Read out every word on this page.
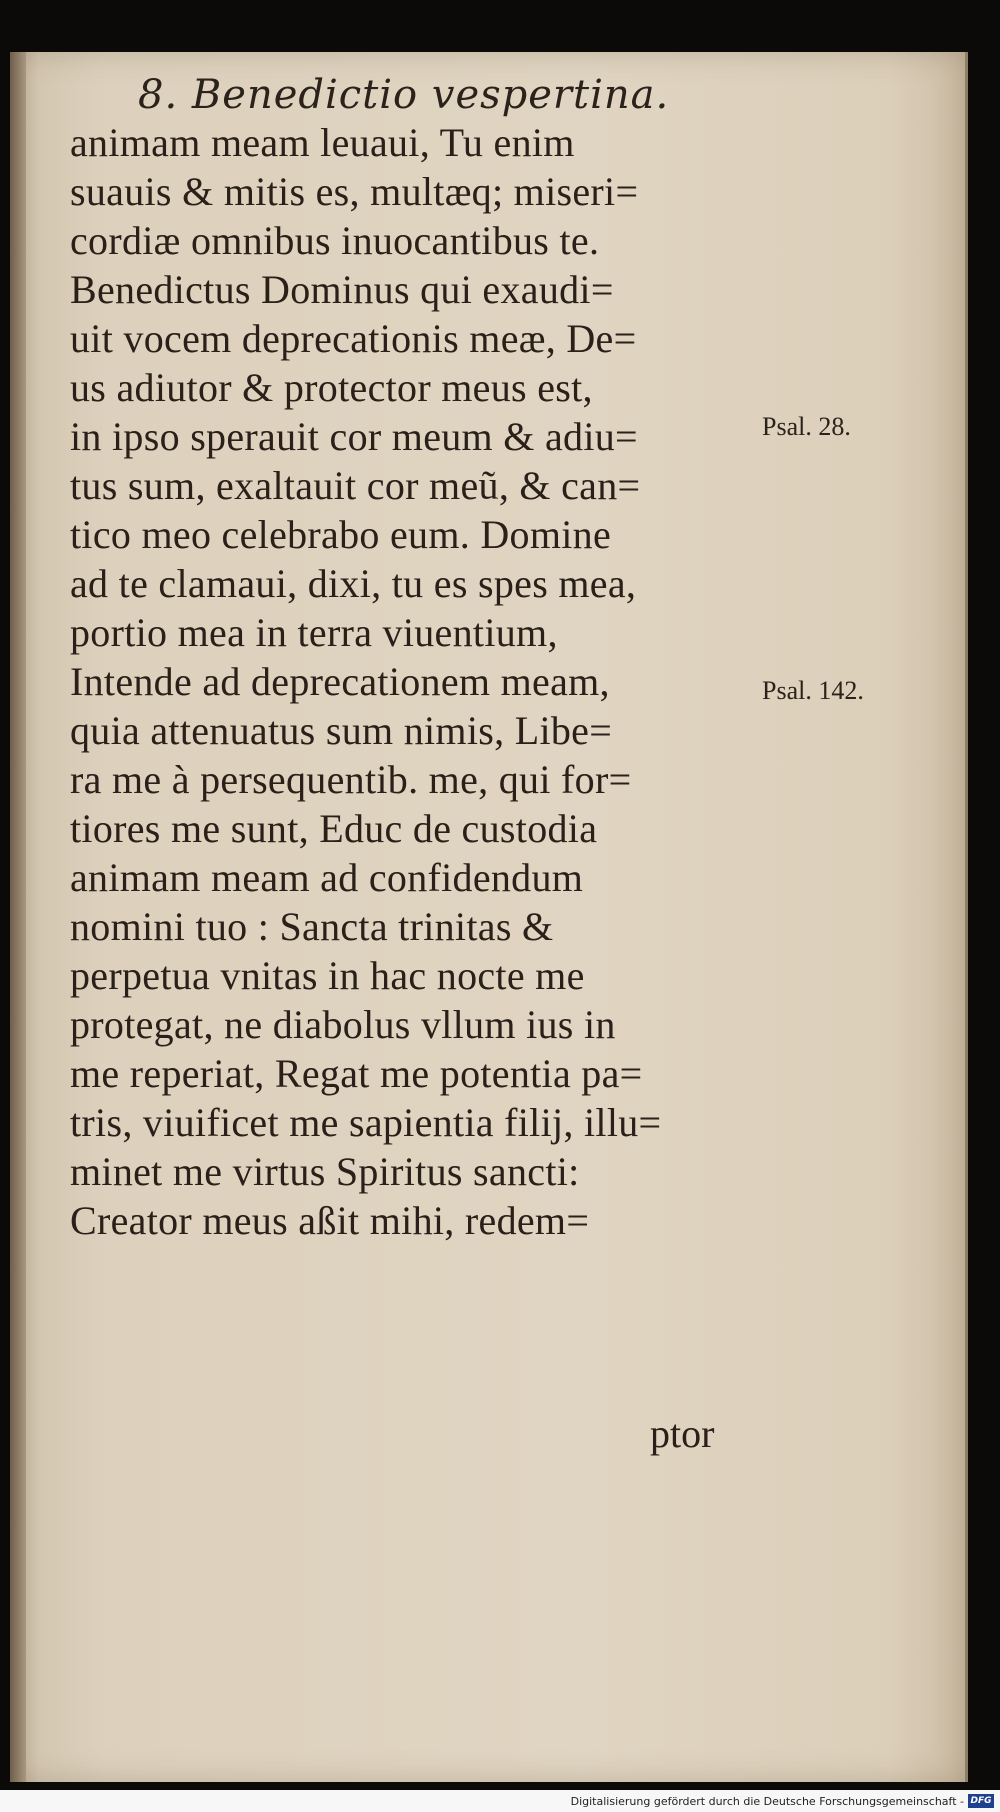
8. Benedictio vespertina.
animam meam leuaui, Tu enim
suauis & mitis es, multæq; miseri=
cordiæ omnibus inuocantibus te.
Benedictus Dominus qui exaudi=
uit vocem deprecationis meæ, De=
us adiutor & protector meus est,
in ipso sperauit cor meum & adiu=
tus sum, exaltauit cor meũ, & can=
tico meo celebrabo eum. Domine
ad te clamaui, dixi, tu es spes mea,
portio mea in terra viuentium,
Intende ad deprecationem meam,
quia attenuatus sum nimis, Libe=
ra me à persequentib. me, qui for=
tiores me sunt, Educ de custodia
animam meam ad confidendum
nomini tuo : Sancta trinitas &
perpetua vnitas in hac nocte me
protegat, ne diabolus vllum ius in
me reperiat, Regat me potentia pa=
tris, viuificet me sapientia filij, illu=
minet me virtus Spiritus sancti:
Creator meus aßit mihi, redem=
ptor
Psal. 28.
Psal. 142.
Digitalisierung gefördert durch die Deutsche Forschungsgemeinschaft - DFG
